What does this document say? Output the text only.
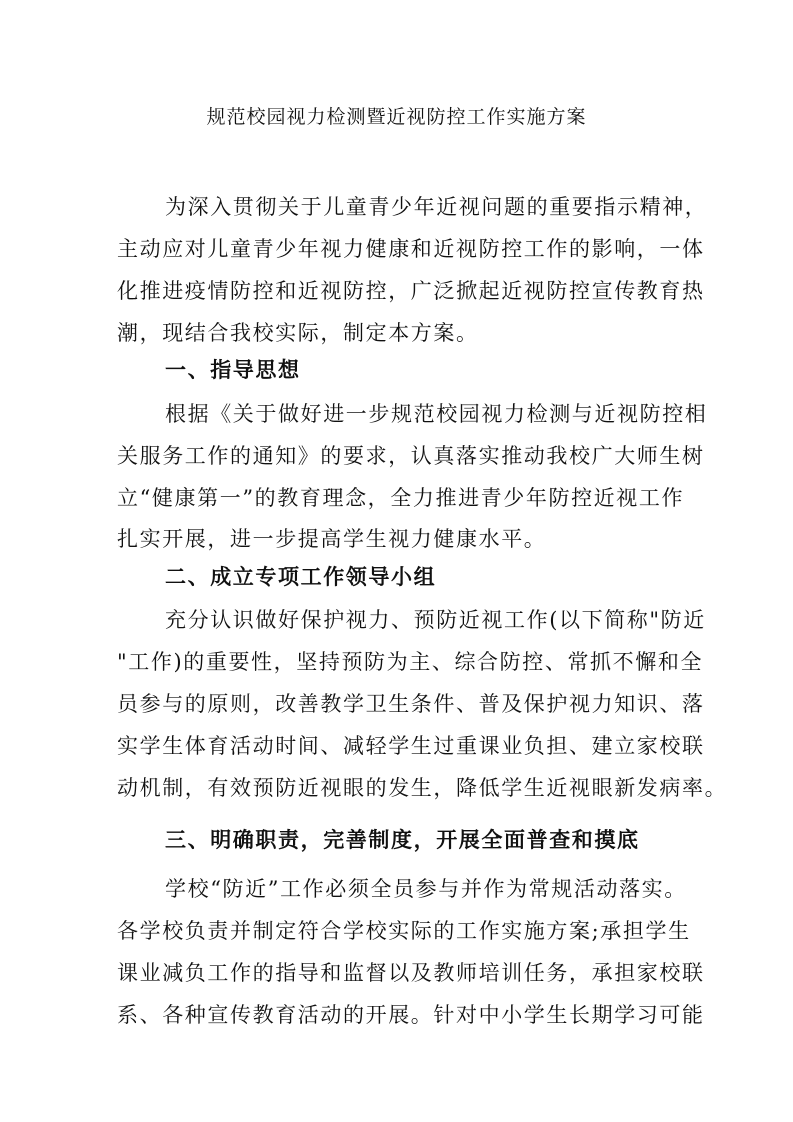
规范校园视力检测暨近视防控工作实施方案
为深入贯彻关于儿童青少年近视问题的重要指示精神，
主动应对儿童青少年视力健康和近视防控工作的影响，一体
化推进疫情防控和近视防控，广泛掀起近视防控宣传教育热
潮，现结合我校实际，制定本方案。
一、指导思想
根据《关于做好进一步规范校园视力检测与近视防控相
关服务工作的通知》的要求，认真落实推动我校广大师生树
立“健康第一”的教育理念，全力推进青少年防控近视工作
扎实开展，进一步提高学生视力健康水平。
二、成立专项工作领导小组
充分认识做好保护视力、预防近视工作(以下简称"防近
"工作)的重要性，坚持预防为主、综合防控、常抓不懈和全
员参与的原则，改善教学卫生条件、普及保护视力知识、落
实学生体育活动时间、减轻学生过重课业负担、建立家校联
动机制，有效预防近视眼的发生，降低学生近视眼新发病率。
三、明确职责，完善制度，开展全面普查和摸底
学校“防近”工作必须全员参与并作为常规活动落实。
各学校负责并制定符合学校实际的工作实施方案;承担学生
课业减负工作的指导和监督以及教师培训任务，承担家校联
系、各种宣传教育活动的开展。针对中小学生长期学习可能
